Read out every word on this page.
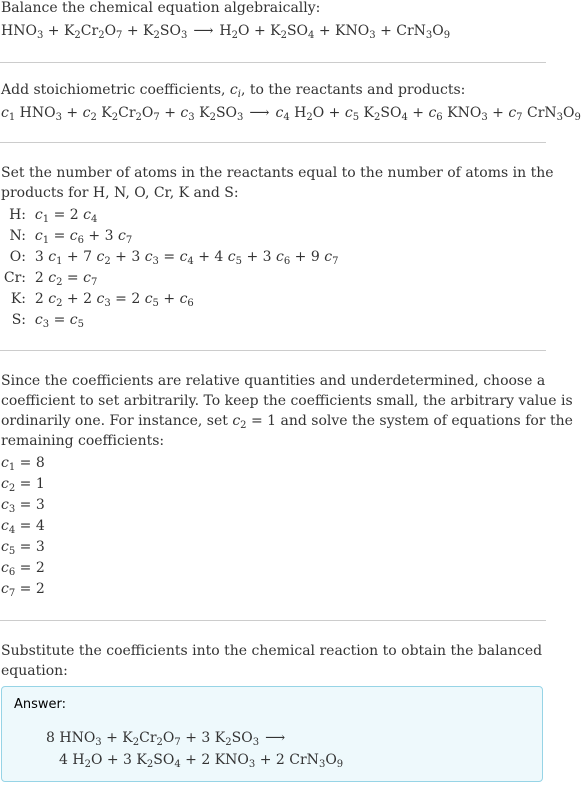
Balance the chemical equation algebraically:
$HNO_3 + K_2Cr_2O_7 + K_2SO_3$ ⟶ $H_2O + K_2SO_4 + KNO_3 + CrN_3O_9$
Add stoichiometric coefficients, $c_i$, to the reactants and products:
$c_1$ $HNO_3 + c_2$ $K_2Cr_2O_7 + c_3$ $K_2SO_3$ ⟶ $c_4$ $H_2O + c_5$ $K_2SO_4 + c_6$ $KNO_3 + c_7$ $CrN_3O_9$
Set the number of atoms in the reactants equal to the number of atoms in the
products for H, N, O, Cr, K and S:
H: $c_1 = 2$ $c_4$
N: $c_1 = c_6 + 3$ $c_7$
O:  3 $c_1 + 7$ $c_2 + 3$ $c_3 = c_4 + 4$ $c_5 + 3$ $c_6 + 9$ $c_7$
Cr:  2 $c_2 = c_7$
K:  2 $c_2 + 2$ $c_3 = 2$ $c_5 + c_6$
S: $c_3 = c_5$
Since the coefficients are relative quantities and underdetermined, choose a
coefficient to set arbitrarily. To keep the coefficients small, the arbitrary value is
ordinarily one. For instance, set $c_2 = 1$ and solve the system of equations for the
remaining coefficients:
$c_1 = 8$
$c_2 = 1$
$c_3 = 3$
$c_4 = 4$
$c_5 = 3$
$c_6 = 2$
$c_7 = 2$
Substitute the coefficients into the chemical reaction to obtain the balanced
equation:
Answer:
8 $HNO_3 + K_2Cr_2O_7 + 3$ $K_2SO_3$ ⟶
4 $H_2O + 3$ $K_2SO_4 + 2$ $KNO_3 + 2$ $CrN_3O_9$
